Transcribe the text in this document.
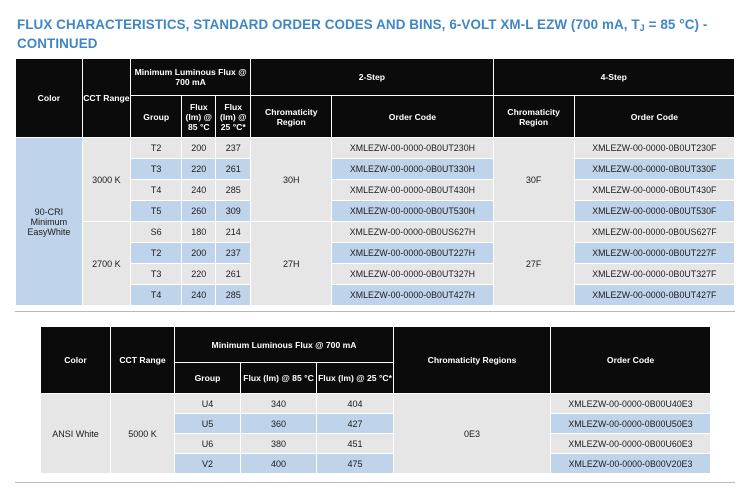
FLUX CHARACTERISTICS, STANDARD ORDER CODES AND BINS, 6-VOLT XM-L EZW (700 mA, $T_J = 85$ °C) -
CONTINUED
Color	CCT Range	Minimum Luminous Flux @ 700 mA			2-Step		4-Step	
		Group	Flux (lm) @ 85 °C	Flux (lm) @ 25 °C*	Chromaticity Region	Order Code	Chromaticity Region	Order Code
90-CRI Minimum EasyWhite	3000 K	T2	200	237	30H	XMLEZW-00-0000-0B0UT230H	30F	XMLEZW-00-0000-0B0UT230F
		T3	220	261		XMLEZW-00-0000-0B0UT330H		XMLEZW-00-0000-0B0UT330F
		T4	240	285		XMLEZW-00-0000-0B0UT430H		XMLEZW-00-0000-0B0UT430F
		T5	260	309		XMLEZW-00-0000-0B0UT530H		XMLEZW-00-0000-0B0UT530F
	2700 K	S6	180	214	27H	XMLEZW-00-0000-0B0US627H	27F	XMLEZW-00-0000-0B0US627F
		T2	200	237		XMLEZW-00-0000-0B0UT227H		XMLEZW-00-0000-0B0UT227F
		T3	220	261		XMLEZW-00-0000-0B0UT327H		XMLEZW-00-0000-0B0UT327F
		T4	240	285		XMLEZW-00-0000-0B0UT427H		XMLEZW-00-0000-0B0UT427F
Color	CCT Range	Minimum Luminous Flux @ 700 mA			Chromaticity Regions	Order Code
		Group	Flux (lm) @ 85 °C	Flux (lm) @ 25 °C*		
ANSI White	5000 K	U4	340	404	0E3	XMLEZW-00-0000-0B00U40E3
		U5	360	427		XMLEZW-00-0000-0B00U50E3
		U6	380	451		XMLEZW-00-0000-0B00U60E3
		V2	400	475		XMLEZW-00-0000-0B00V20E3
